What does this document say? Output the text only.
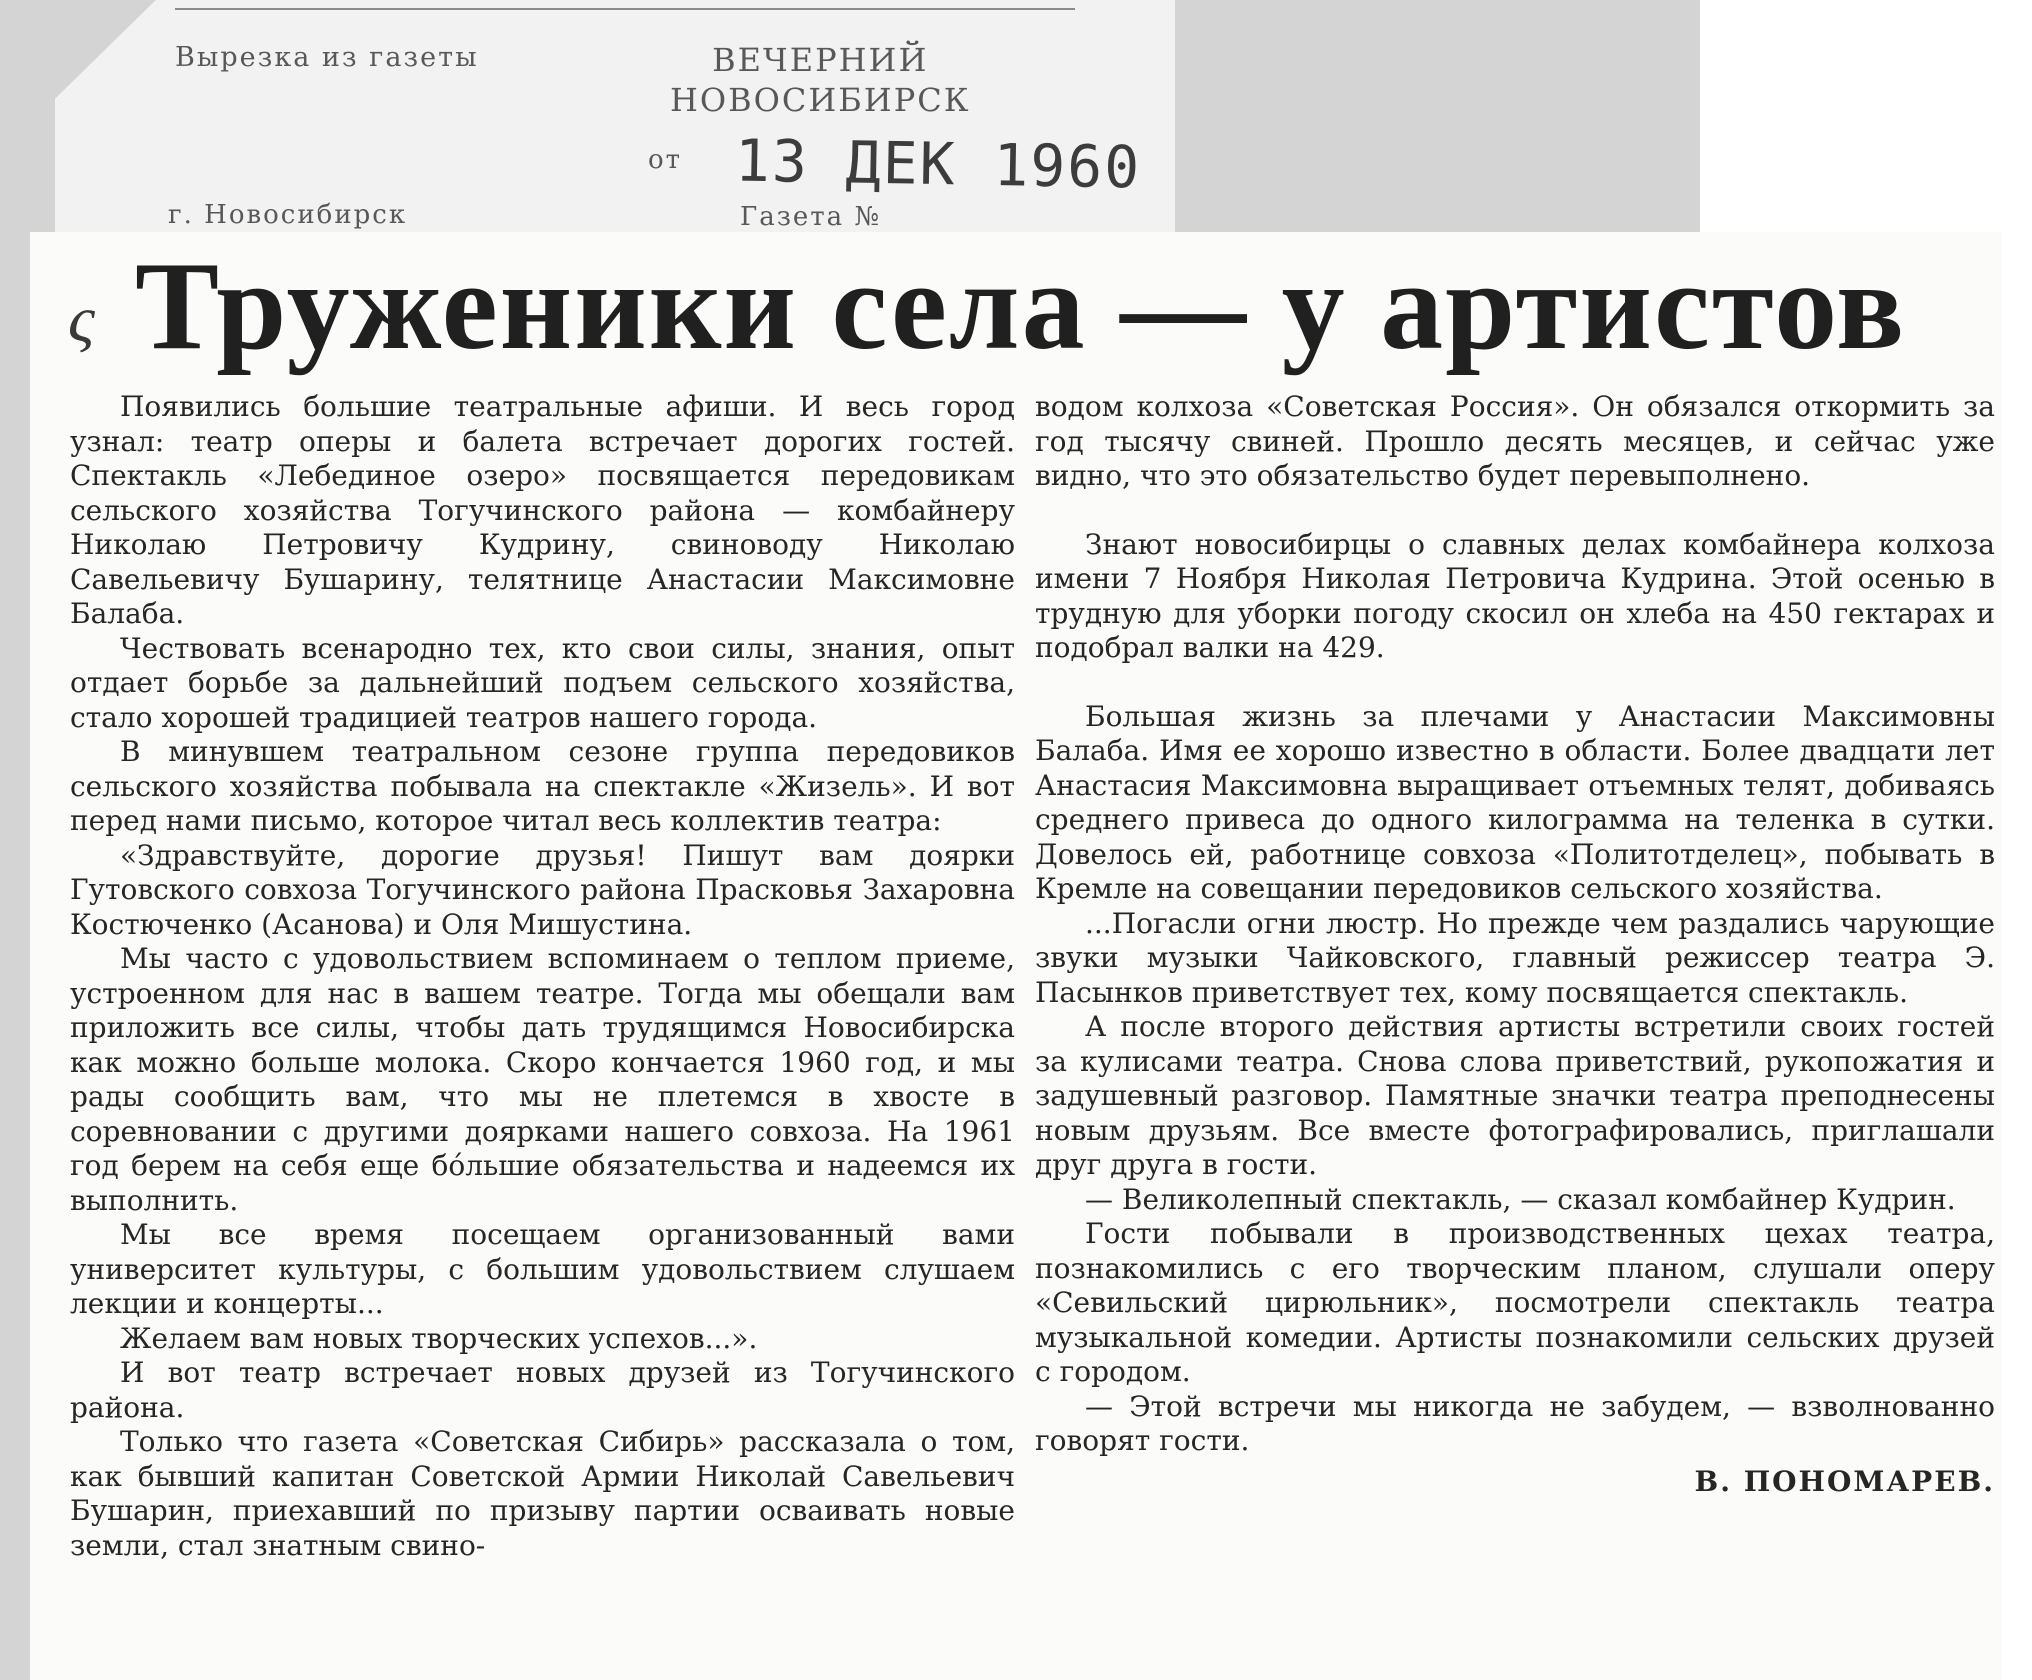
Вырезка из газеты	ВЕЧЕРНИЙ
НОВОСИБИРСК
от 13 ДЕК 1960
г. Новосибирск	Газета №
ς Труженики села — у артистов

Появились большие театральные афиши. И весь город узнал: театр оперы и балета встречает дорогих гостей. Спектакль «Лебединое озеро» посвящается передовикам сельского хозяйства Тогучинского района — комбайнеру Николаю Петровичу Кудрину, свиноводу Николаю Савельевичу Бушарину, телятнице Анастасии Максимовне Балаба.

Чествовать всенародно тех, кто свои силы, знания, опыт отдает борьбе за дальнейший подъем сельского хозяйства, стало хорошей традицией театров нашего города.

В минувшем театральном сезоне группа передовиков сельского хозяйства побывала на спектакле «Жизель». И вот перед нами письмо, которое читал весь коллектив театра:

«Здравствуйте, дорогие друзья! Пишут вам доярки Гутовского совхоза Тогучинского района Прасковья Захаровна Костюченко (Асанова) и Оля Мишустина.

Мы часто с удовольствием вспоминаем о теплом приеме, устроенном для нас в вашем театре. Тогда мы обещали вам приложить все силы, чтобы дать трудящимся Новосибирска как можно больше молока. Скоро кончается 1960 год, и мы рады сообщить вам, что мы не плетемся в хвосте в соревновании с другими доярками нашего совхоза. На 1961 год берем на себя еще бóльшие обязательства и надеемся их выполнить.

Мы все время посещаем организованный вами университет культуры, с большим удовольствием слушаем лекции и концерты...

Желаем вам новых творческих успехов...».

И вот театр встречает новых друзей из Тогучинского района.

Только что газета «Советская Сибирь» рассказала о том, как бывший капитан Советской Армии Николай Савельевич Бушарин, приехавший по призыву партии осваивать новые земли, стал знатным свино-

водом колхоза «Советская Россия». Он обязался откормить за год тысячу свиней. Прошло десять месяцев, и сейчас уже видно, что это обязательство будет перевыполнено.

Знают новосибирцы о славных делах комбайнера колхоза имени 7 Ноября Николая Петровича Кудрина. Этой осенью в трудную для уборки погоду скосил он хлеба на 450 гектарах и подобрал валки на 429.

Большая жизнь за плечами у Анастасии Максимовны Балаба. Имя ее хорошо известно в области. Более двадцати лет Анастасия Максимовна выращивает отъемных телят, добиваясь среднего привеса до одного килограмма на теленка в сутки. Довелось ей, работнице совхоза «Политотделец», побывать в Кремле на совещании передовиков сельского хозяйства.

...Погасли огни люстр. Но прежде чем раздались чарующие звуки музыки Чайковского, главный режиссер театра Э. Пасынков приветствует тех, кому посвящается спектакль.

А после второго действия артисты встретили своих гостей за кулисами театра. Снова слова приветствий, рукопожатия и задушевный разговор. Памятные значки театра преподнесены новым друзьям. Все вместе фотографировались, приглашали друг друга в гости.

— Великолепный спектакль, — сказал комбайнер Кудрин.

Гости побывали в производственных цехах театра, познакомились с его творческим планом, слушали оперу «Севильский цирюльник», посмотрели спектакль театра музыкальной комедии. Артисты познакомили сельских друзей с городом.

— Этой встречи мы никогда не забудем, — взволнованно говорят гости.

В. ПОНОМАРЕВ.
